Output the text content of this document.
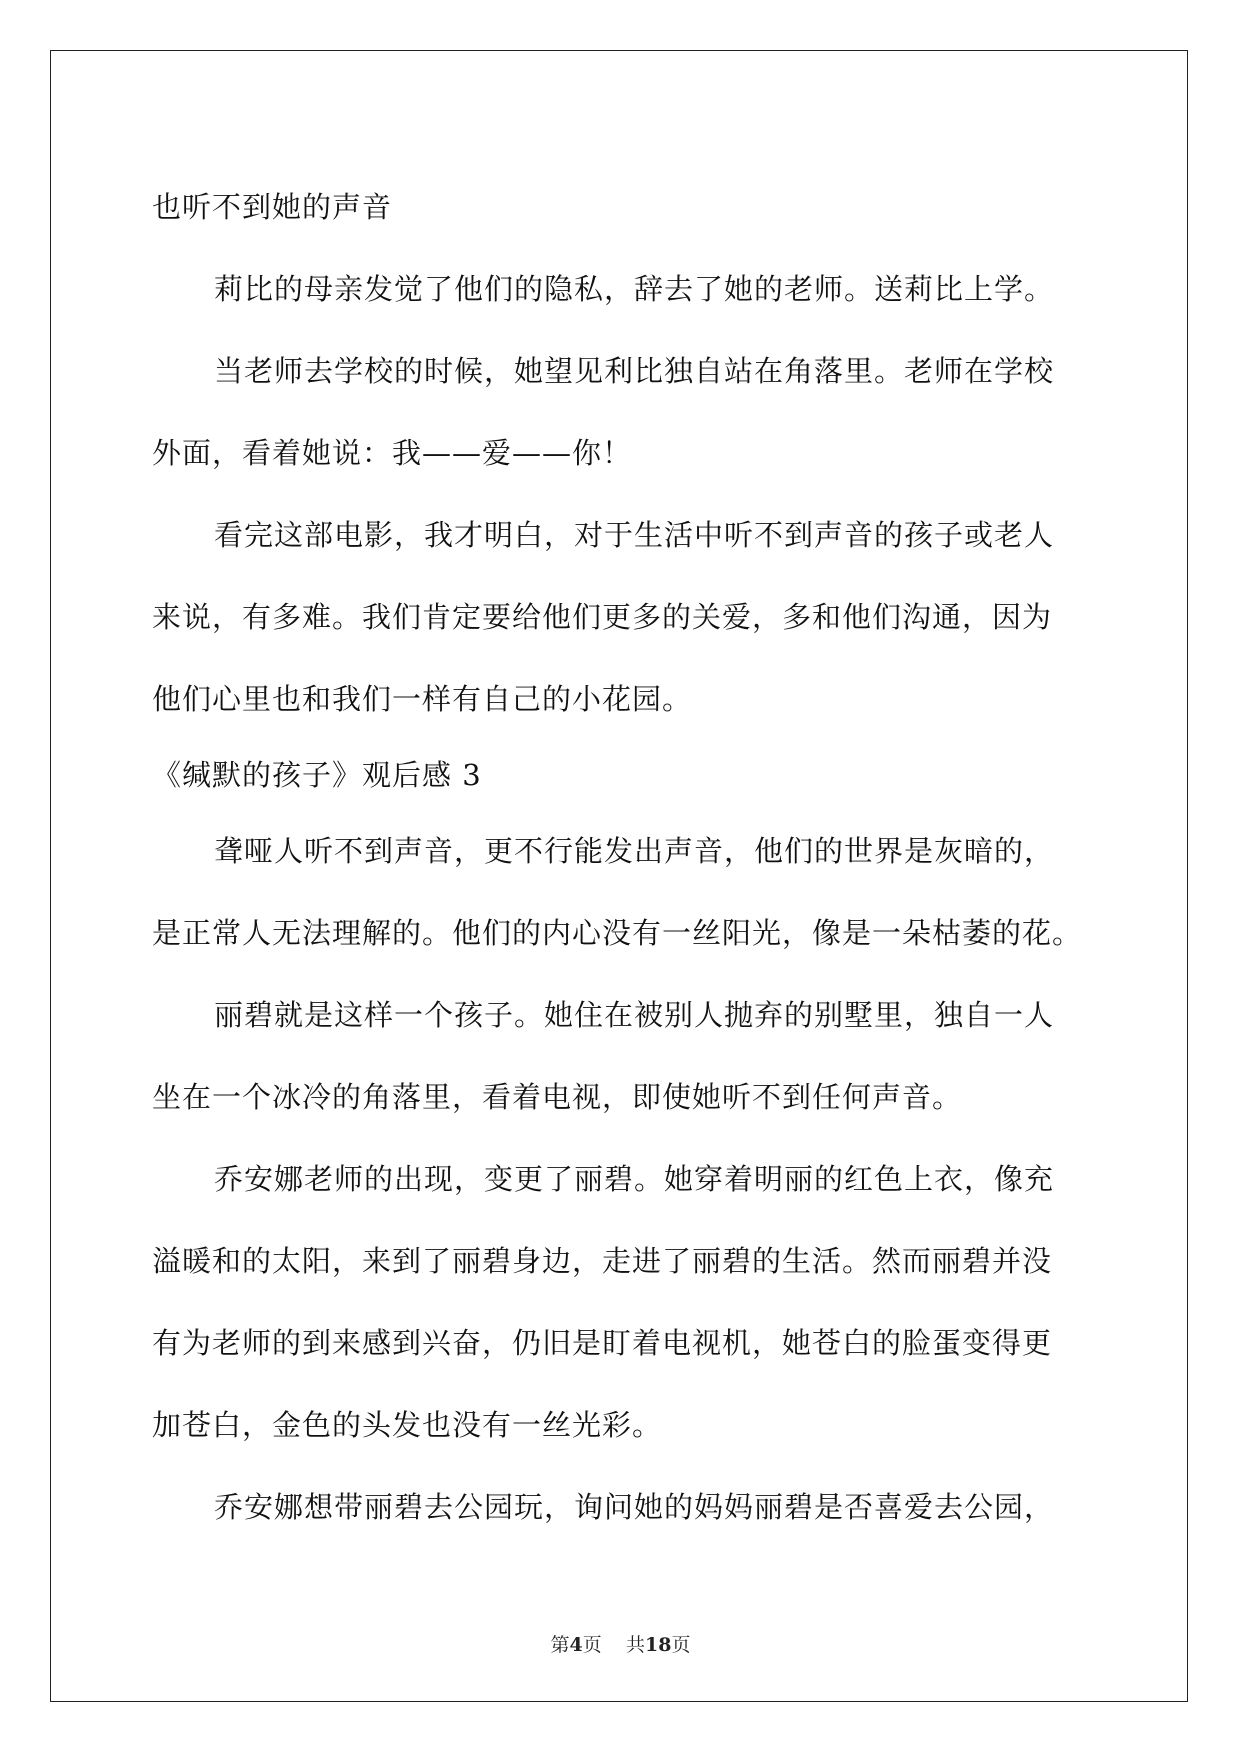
也听不到她的声音
莉比的母亲发觉了他们的隐私，辞去了她的老师。送莉比上学。
当老师去学校的时候，她望见利比独自站在角落里。老师在学校
外面，看着她说：我——爱——你！
看完这部电影，我才明白，对于生活中听不到声音的孩子或老人
来说，有多难。我们肯定要给他们更多的关爱，多和他们沟通，因为
他们心里也和我们一样有自己的小花园。
《缄默的孩子》观后感 3
聋哑人听不到声音，更不行能发出声音，他们的世界是灰暗的，
是正常人无法理解的。他们的内心没有一丝阳光，像是一朵枯萎的花。
丽碧就是这样一个孩子。她住在被别人抛弃的别墅里，独自一人
坐在一个冰冷的角落里，看着电视，即使她听不到任何声音。
乔安娜老师的出现，变更了丽碧。她穿着明丽的红色上衣，像充
溢暖和的太阳，来到了丽碧身边，走进了丽碧的生活。然而丽碧并没
有为老师的到来感到兴奋，仍旧是盯着电视机，她苍白的脸蛋变得更
加苍白，金色的头发也没有一丝光彩。
乔安娜想带丽碧去公园玩，询问她的妈妈丽碧是否喜爱去公园，
第4页 共18页
